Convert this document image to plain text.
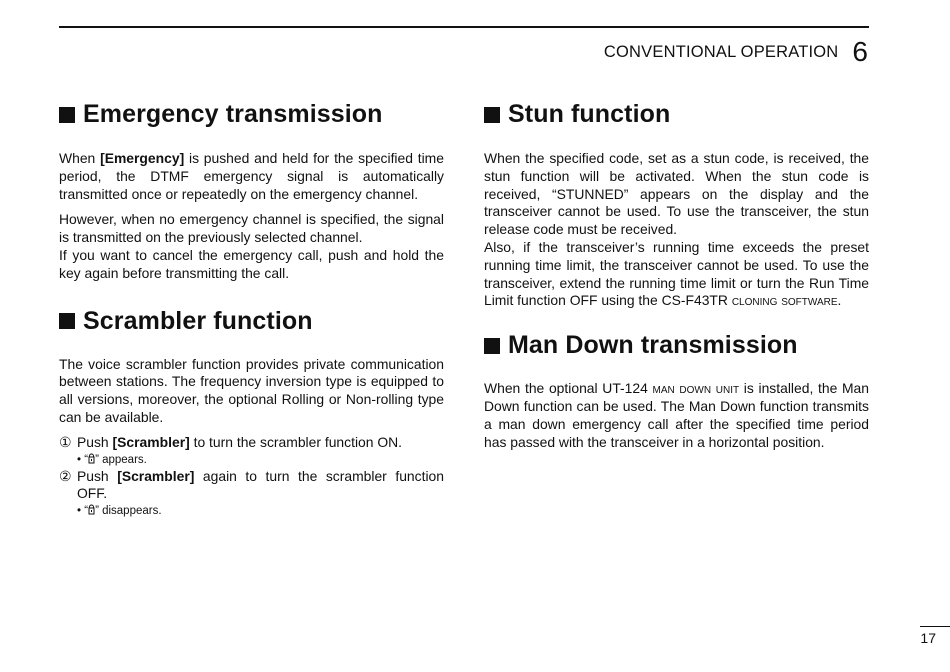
CONVENTIONAL OPERATION 6
Emergency transmission

When [Emergency] is pushed and held for the specified time period, the DTMF emergency signal is automatically transmitted once or repeatedly on the emergency channel.

However, when no emergency channel is specified, the signal is transmitted on the previously selected channel.

If you want to cancel the emergency call, push and hold the key again before transmitting the call.

Scrambler function

The voice scrambler function provides private communication between stations. The frequency inversion type is equipped to all versions, moreover, the optional Rolling or Non-rolling type can be available.

① Push [Scrambler] to turn the scrambler function ON.
• “ ” appears.
② Push [Scrambler] again to turn the scrambler function OFF.
• “ ” disappears.
Stun function

When the specified code, set as a stun code, is received, the stun function will be activated. When the stun code is received, “STUNNED” appears on the display and the transceiver cannot be used. To use the transceiver, the stun release code must be received.

Also, if the transceiver’s running time exceeds the preset running time limit, the transceiver cannot be used. To use the transceiver, extend the running time limit or turn the Run Time Limit function OFF using the CS-F43TR cloning software.

Man Down transmission

When the optional UT-124 man down unit is installed, the Man Down function can be used. The Man Down function transmits a man down emergency call after the specified time period has passed with the transceiver in a horizontal position.

17
